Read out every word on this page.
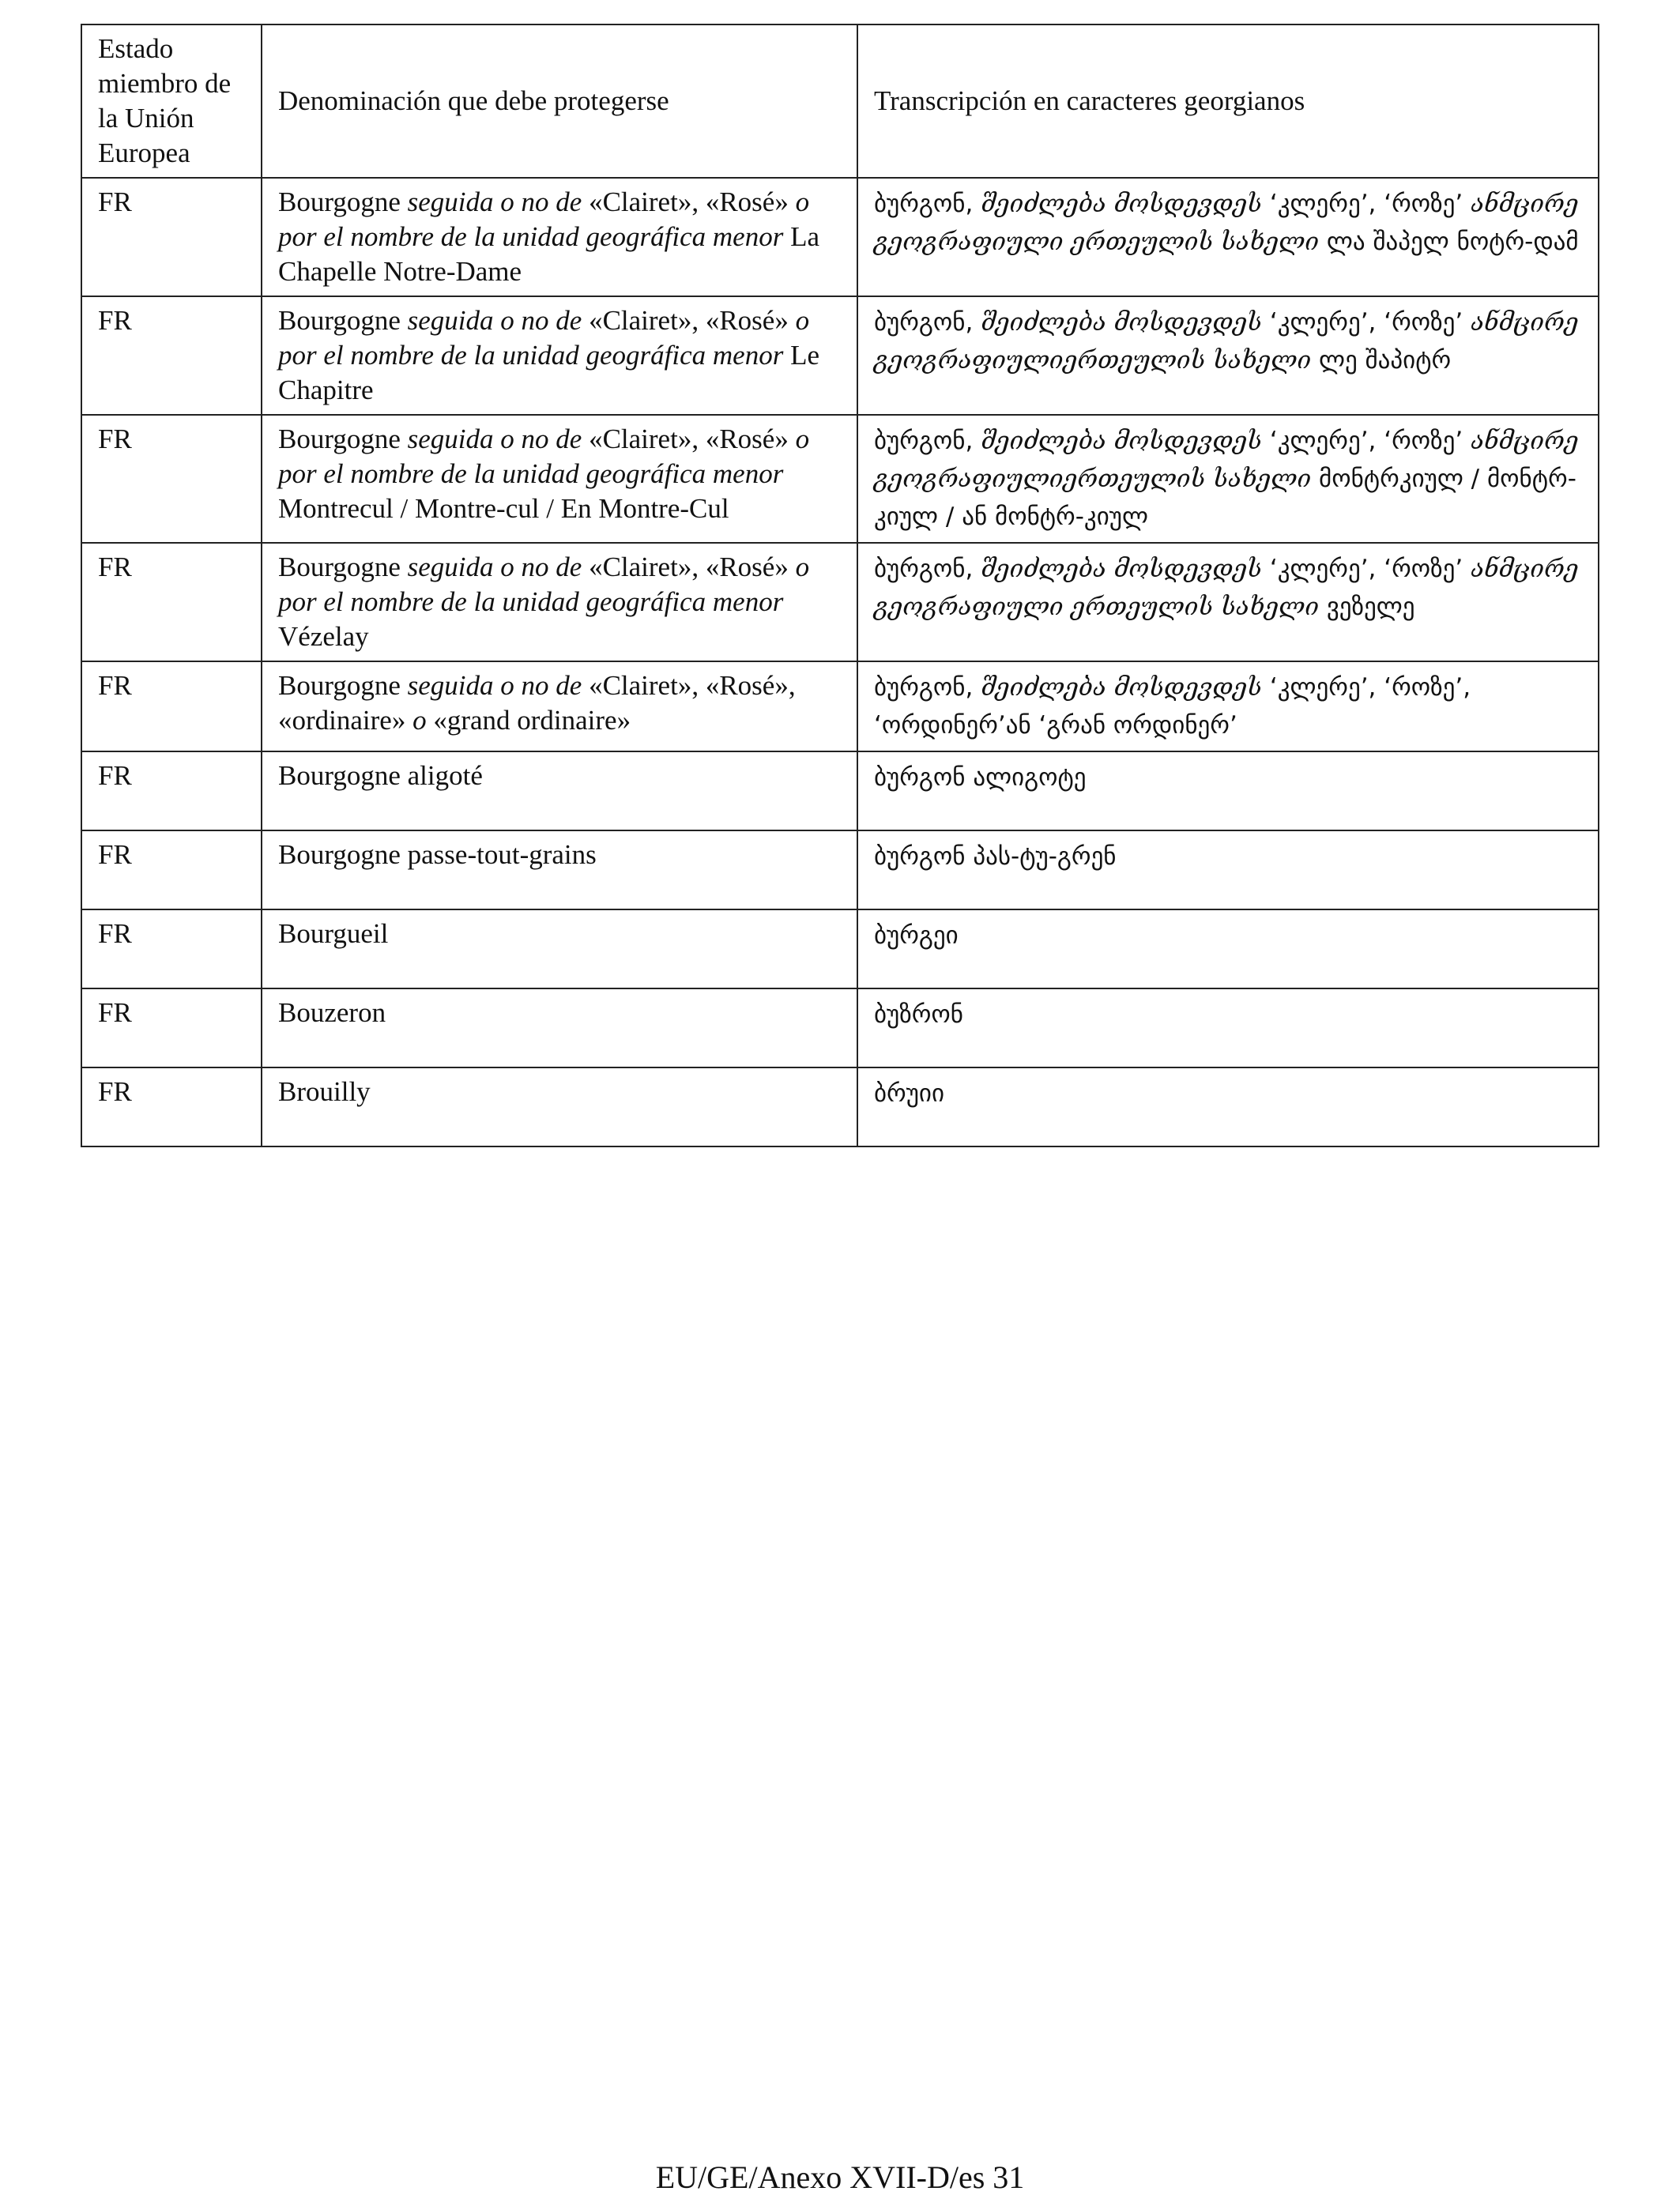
Estado miembro de la Unión Europea	Denominación que debe protegerse	Transcripción en caracteres georgianos
FR	Bourgogne seguida o no de «Clairet», «Rosé» o por el nombre de la unidad geográfica menor La Chapelle Notre-Dame	ბურგონ, შეიძლება მოსდევდეს ‘კლერე’, ‘როზე’ ანმცირე გეოგრაფიული ერთეულის სახელი ლა შაპელ ნოტრ-დამ
FR	Bourgogne seguida o no de «Clairet», «Rosé» o por el nombre de la unidad geográfica menor Le Chapitre	ბურგონ, შეიძლება მოსდევდეს ‘კლერე’, ‘როზე’ ანმცირე გეოგრაფიულიერთეულის სახელი ლე შაპიტრ
FR	Bourgogne seguida o no de «Clairet», «Rosé» o por el nombre de la unidad geográfica menor Montrecul / Montre-cul / En Montre-Cul	ბურგონ, შეიძლება მოსდევდეს ‘კლერე’, ‘როზე’ ანმცირე გეოგრაფიულიერთეულის სახელი მონტრკიულ / მონტრ-კიულ / ან მონტრ-კიულ
FR	Bourgogne seguida o no de «Clairet», «Rosé» o por el nombre de la unidad geográfica menor Vézelay	ბურგონ, შეიძლება მოსდევდეს ‘კლერე’, ‘როზე’ ანმცირე გეოგრაფიული ერთეულის სახელი ვეზელე
FR	Bourgogne seguida o no de «Clairet», «Rosé», «ordinaire» o «grand ordinaire»	ბურგონ, შეიძლება მოსდევდეს ‘კლერე’, ‘როზე’, ‘ორდინერ’ან ‘გრან ორდინერ’
FR	Bourgogne aligoté	ბურგონ ალიგოტე
FR	Bourgogne passe-tout-grains	ბურგონ პას-ტუ-გრენ
FR	Bourgueil	ბურგეი
FR	Bouzeron	ბუზრონ
FR	Brouilly	ბრუიი
EU/GE/Anexo XVII-D/es 31
